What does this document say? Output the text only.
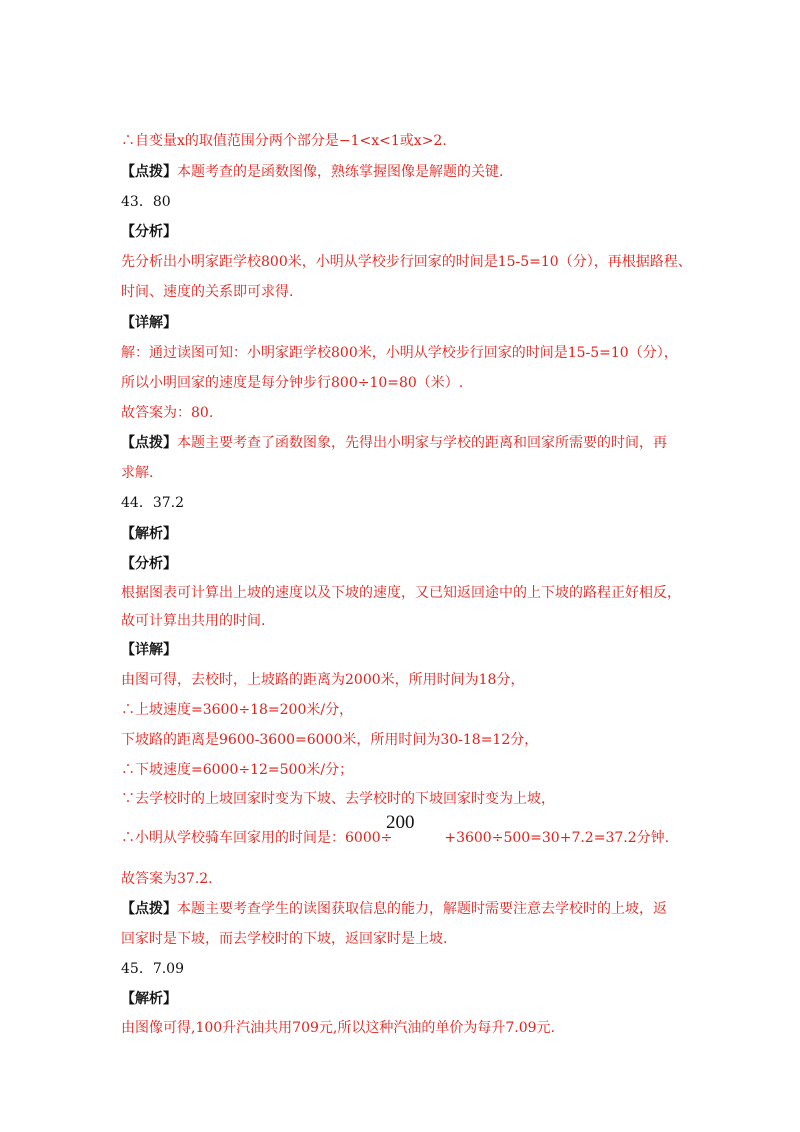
∴自变量x的取值范围分两个部分是−1<x<1或x>2.
【点拨】本题考查的是函数图像，熟练掌握图像是解题的关键.
43．80
【分析】
先分析出小明家距学校800米，小明从学校步行回家的时间是15-5=10（分），再根据路程、
时间、速度的关系即可求得.
【详解】
解：通过读图可知：小明家距学校800米，小明从学校步行回家的时间是15-5=10（分），
所以小明回家的速度是每分钟步行800÷10=80（米）.
故答案为：80.
【点拨】本题主要考查了函数图象，先得出小明家与学校的距离和回家所需要的时间，再
求解.
44．37.2
【解析】
【分析】
根据图表可计算出上坡的速度以及下坡的速度，又已知返回途中的上下坡的路程正好相反，
故可计算出共用的时间.
【详解】
由图可得，去校时，上坡路的距离为2000米，所用时间为18分，
∴上坡速度=3600÷18=200米/分，
下坡路的距离是9600-3600=6000米，所用时间为30-18=12分，
∴下坡速度=6000÷12=500米/分；
∵去学校时的上坡回家时变为下坡、去学校时的下坡回家时变为上坡，
∴小明从学校骑车回家用的时间是：6000÷	+3600÷500=30+7.2=37.2分钟.
200
故答案为37.2.
【点拨】本题主要考查学生的读图获取信息的能力，解题时需要注意去学校时的上坡，返
回家时是下坡，而去学校时的下坡，返回家时是上坡.
45．7.09
【解析】
由图像可得,100升汽油共用709元,所以这种汽油的单价为每升7.09元.
